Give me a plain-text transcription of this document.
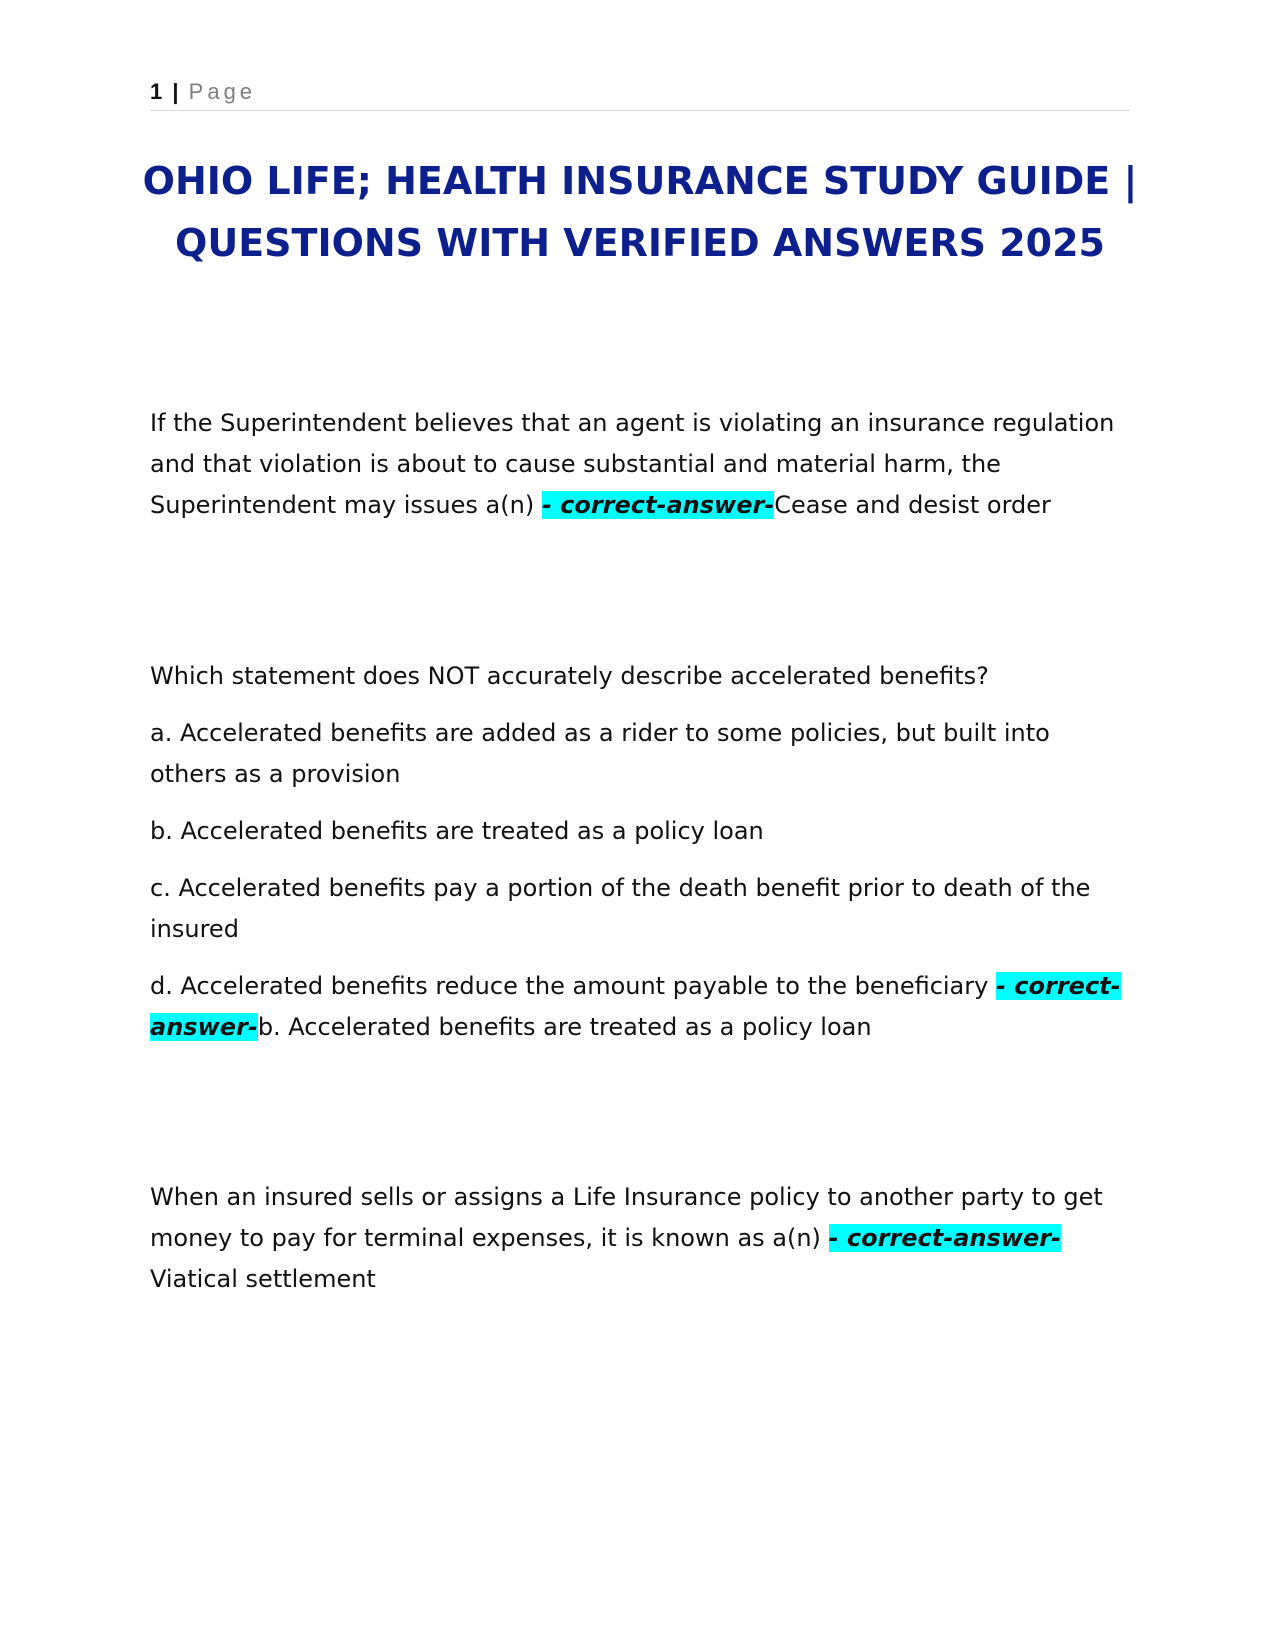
1 | Page
OHIO LIFE; HEALTH INSURANCE STUDY GUIDE | QUESTIONS WITH VERIFIED ANSWERS 2025

If the Superintendent believes that an agent is violating an insurance regulation and that violation is about to cause substantial and material harm, the Superintendent may issues a(n) - correct-answer-Cease and desist order

Which statement does NOT accurately describe accelerated benefits?

a. Accelerated benefits are added as a rider to some policies, but built into others as a provision

b. Accelerated benefits are treated as a policy loan

c. Accelerated benefits pay a portion of the death benefit prior to death of the insured

d. Accelerated benefits reduce the amount payable to the beneficiary - correct-answer-b. Accelerated benefits are treated as a policy loan

When an insured sells or assigns a Life Insurance policy to another party to get money to pay for terminal expenses, it is known as a(n) - correct-answer-Viatical settlement
